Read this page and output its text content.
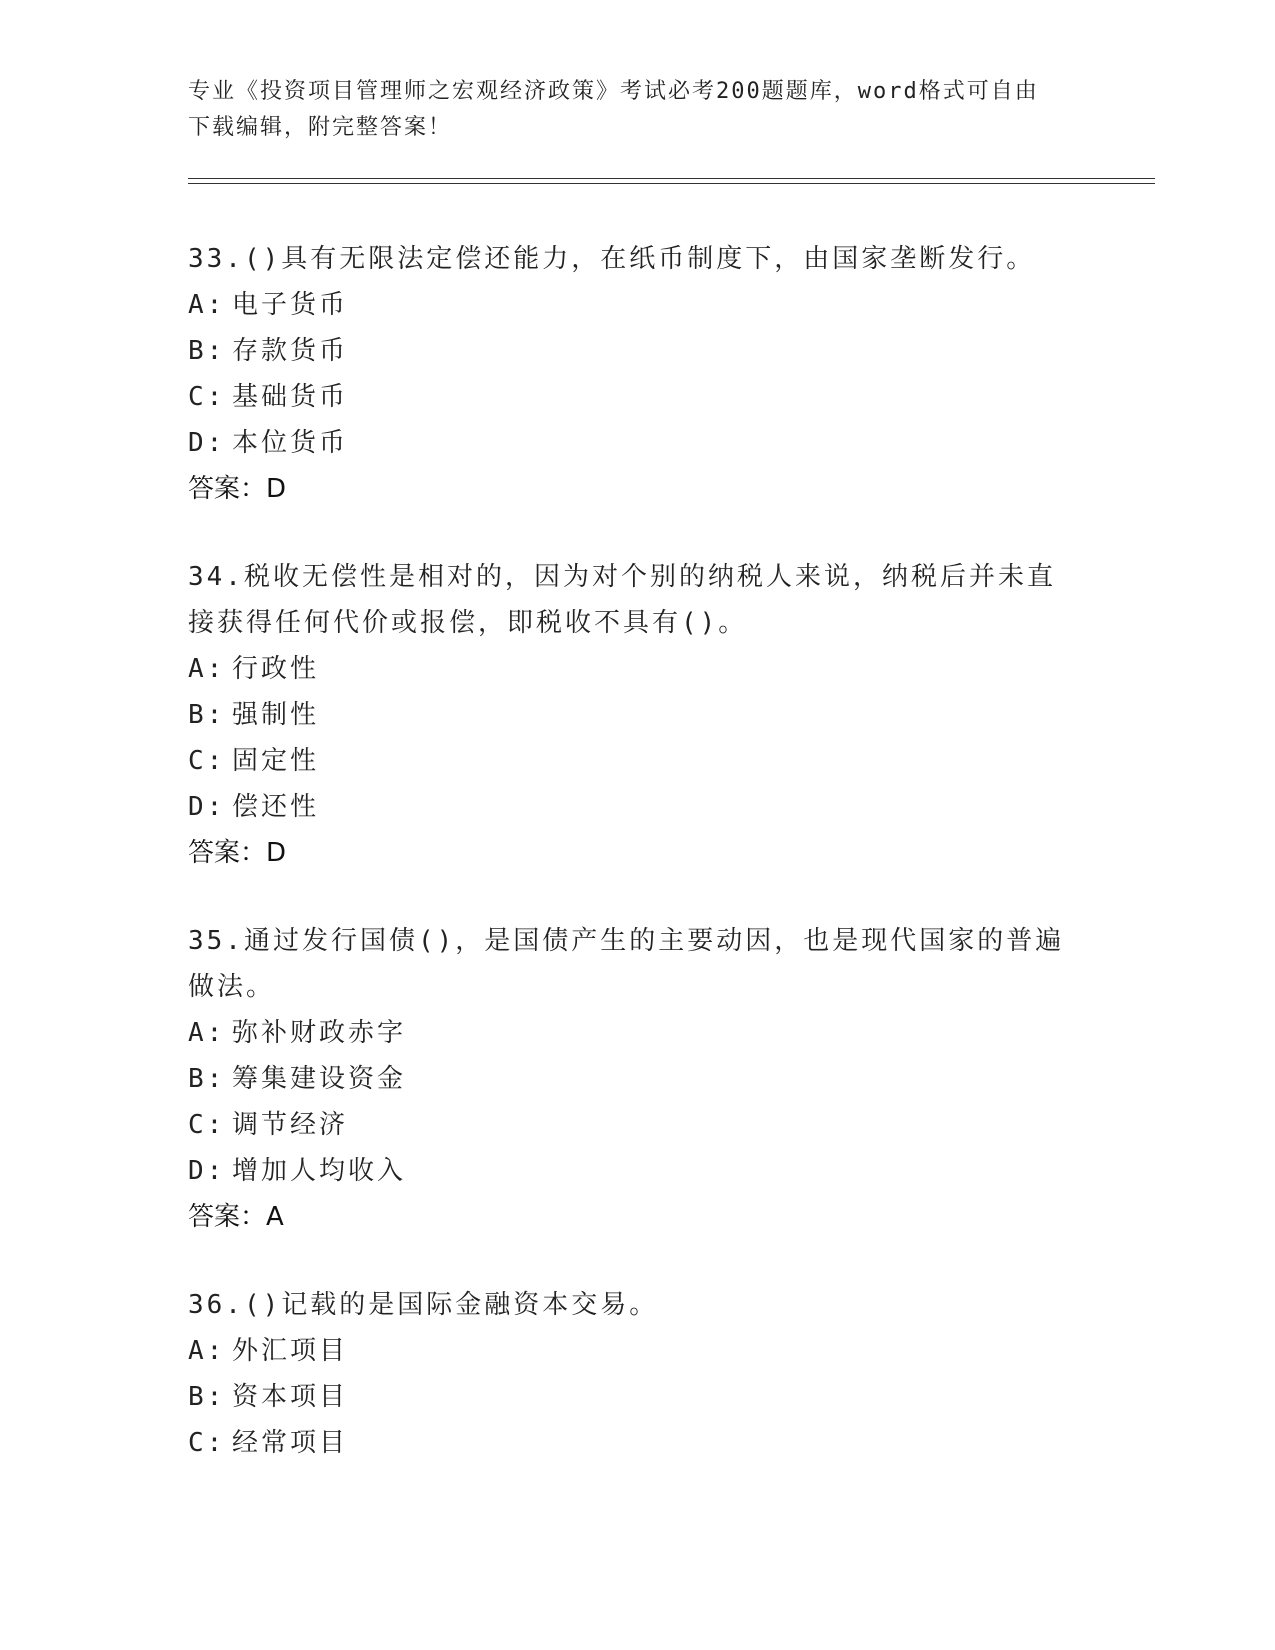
专业《投资项目管理师之宏观经济政策》考试必考200题题库，word格式可自由
下载编辑，附完整答案！
33.()具有无限法定偿还能力，在纸币制度下，由国家垄断发行。
A: 电子货币
B: 存款货币
C: 基础货币
D: 本位货币
答案：D
34.税收无偿性是相对的，因为对个别的纳税人来说，纳税后并未直接获得任何代价或报偿，即税收不具有()。
A: 行政性
B: 强制性
C: 固定性
D: 偿还性
答案：D
35.通过发行国债()，是国债产生的主要动因，也是现代国家的普遍做法。
A: 弥补财政赤字
B: 筹集建设资金
C: 调节经济
D: 增加人均收入
答案：A
36.()记载的是国际金融资本交易。
A: 外汇项目
B: 资本项目
C: 经常项目
